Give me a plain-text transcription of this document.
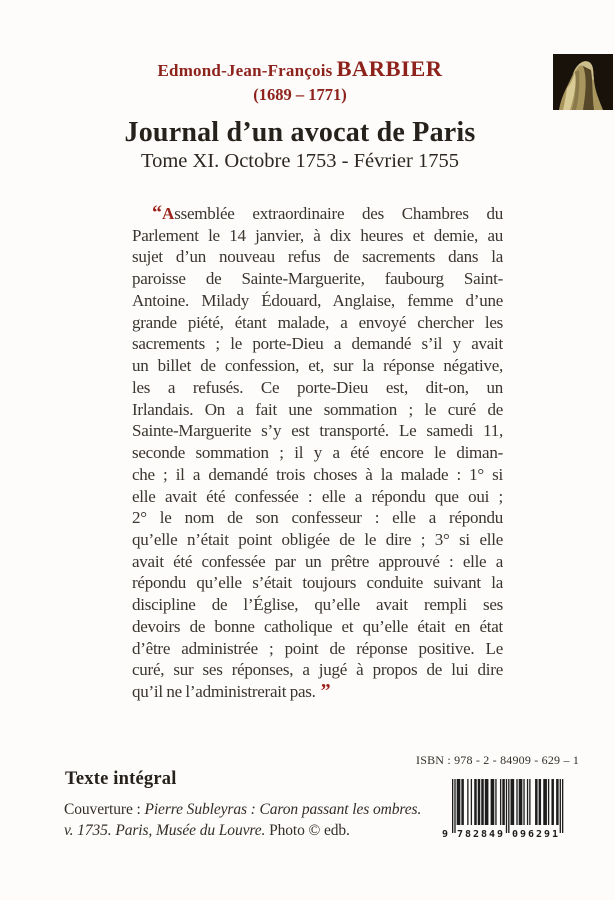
Edmond-Jean-François BARBIER
(1689 – 1771)
Journal d’un avocat de Paris
Tome XI. Octobre 1753 - Février 1755
“Assemblée extraordinaire des Chambres du
Parlement le 14 janvier, à dix heures et demie, au
sujet d’un nouveau refus de sacrements dans la
paroisse de Sainte-Marguerite, faubourg Saint-
Antoine. Milady Édouard, Anglaise, femme d’une
grande piété, étant malade, a envoyé chercher les
sacrements ; le porte-Dieu a demandé s’il y avait
un billet de confession, et, sur la réponse négative,
les a refusés. Ce porte-Dieu est, dit-on, un
Irlandais. On a fait une sommation ; le curé de
Sainte-Marguerite s’y est transporté. Le samedi 11,
seconde sommation ; il y a été encore le diman-
che ; il a demandé trois choses à la malade : 1° si
elle avait été confessée : elle a répondu que oui ;
2° le nom de son confesseur : elle a répondu
qu’elle n’était point obligée de le dire ; 3° si elle
avait été confessée par un prêtre approuvé : elle a
répondu qu’elle s’était toujours conduite suivant la
discipline de l’Église, qu’elle avait rempli ses
devoirs de bonne catholique et qu’elle était en état
d’être administrée ; point de réponse positive. Le
curé, sur ses réponses, a jugé à propos de lui dire
qu’il ne l’administrerait pas. ”
Texte intégral
Couverture : Pierre Subleyras : Caron passant les ombres.
v. 1735. Paris, Musée du Louvre. Photo © edb.
ISBN : 978 - 2 - 84909 - 629 – 1
9 782849 096291
